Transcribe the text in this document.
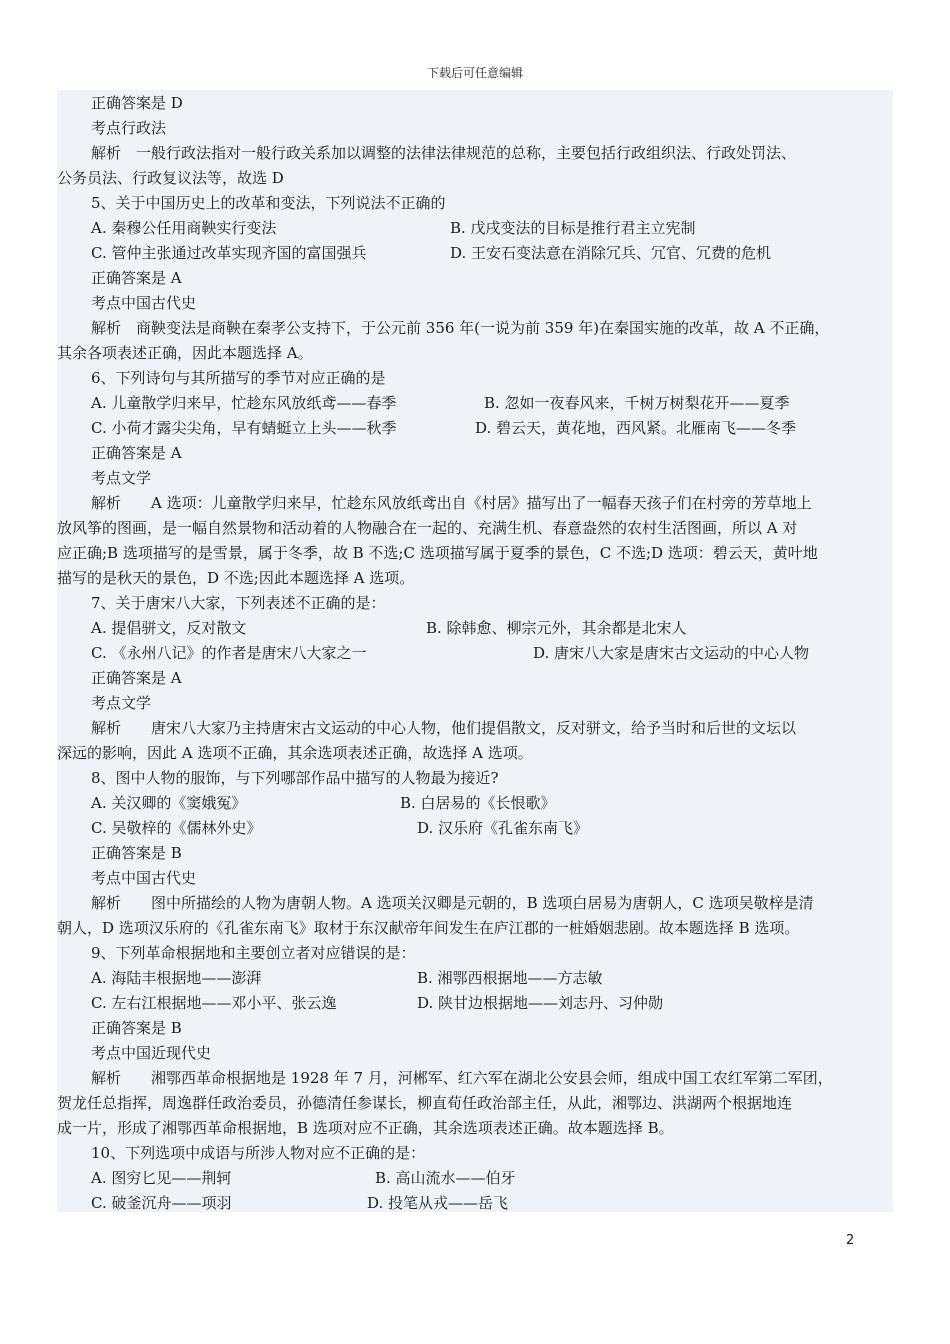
下载后可任意编辑
正确答案是 D
考点行政法
解析　一般行政法指对一般行政关系加以调整的法律法律规范的总称，主要包括行政组织法、行政处罚法、
公务员法、行政复议法等，故选 D
5、关于中国历史上的改革和变法，下列说法不正确的
A. 秦穆公任用商鞅实行变法	B. 戊戌变法的目标是推行君主立宪制
C. 管仲主张通过改革实现齐国的富国强兵	D. 王安石变法意在消除冗兵、冗官、冗费的危机
正确答案是 A
考点中国古代史
解析　商鞅变法是商鞅在秦孝公支持下，于公元前 356 年(一说为前 359 年)在秦国实施的改革，故 A 不正确，
其余各项表述正确，因此本题选择 A。
6、下列诗句与其所描写的季节对应正确的是
A. 儿童散学归来早，忙趁东风放纸鸢——春季	B. 忽如一夜春风来，千树万树梨花开——夏季
C. 小荷才露尖尖角，早有蜻蜓立上头——秋季	D. 碧云天，黄花地，西风紧。北雁南飞——冬季
正确答案是 A
考点文学
解析　　A 选项：儿童散学归来早，忙趁东风放纸鸢出自《村居》描写出了一幅春天孩子们在村旁的芳草地上
放风筝的图画，是一幅自然景物和活动着的人物融合在一起的、充满生机、春意盎然的农村生活图画，所以 A 对
应正确;B 选项描写的是雪景，属于冬季，故 B 不选;C 选项描写属于夏季的景色，C 不选;D 选项：碧云天，黄叶地
描写的是秋天的景色，D 不选;因此本题选择 A 选项。
7、关于唐宋八大家，下列表述不正确的是：
A. 提倡骈文，反对散文	B. 除韩愈、柳宗元外，其余都是北宋人
C. 《永州八记》的作者是唐宋八大家之一	D. 唐宋八大家是唐宋古文运动的中心人物
正确答案是 A
考点文学
解析　　唐宋八大家乃主持唐宋古文运动的中心人物，他们提倡散文，反对骈文，给予当时和后世的文坛以
深远的影响，因此 A 选项不正确，其余选项表述正确，故选择 A 选项。
8、图中人物的服饰，与下列哪部作品中描写的人物最为接近?
A. 关汉卿的《窦娥冤》	B. 白居易的《长恨歌》
C. 吴敬梓的《儒林外史》	D. 汉乐府《孔雀东南飞》
正确答案是 B
考点中国古代史
解析　　图中所描绘的人物为唐朝人物。A 选项关汉卿是元朝的，B 选项白居易为唐朝人，C 选项吴敬梓是清
朝人，D 选项汉乐府的《孔雀东南飞》取材于东汉献帝年间发生在庐江郡的一桩婚姻悲剧。故本题选择 B 选项。
9、下列革命根据地和主要创立者对应错误的是：
A. 海陆丰根据地——澎湃	B. 湘鄂西根据地——方志敏
C. 左右江根据地——邓小平、张云逸	D. 陕甘边根据地——刘志丹、习仲勋
正确答案是 B
考点中国近现代史
解析　　湘鄂西革命根据地是 1928 年 7 月，河郴军、红六军在湖北公安县会师，组成中国工农红军第二军团，
贺龙任总指挥，周逸群任政治委员，孙德清任参谋长，柳直荀任政治部主任，从此，湘鄂边、洪湖两个根据地连
成一片，形成了湘鄂西革命根据地，B 选项对应不正确，其余选项表述正确。故本题选择 B。
10、下列选项中成语与所涉人物对应不正确的是：
A. 图穷匕见——荆轲	B. 高山流水——伯牙
C. 破釜沉舟——项羽	D. 投笔从戎——岳飞
2
